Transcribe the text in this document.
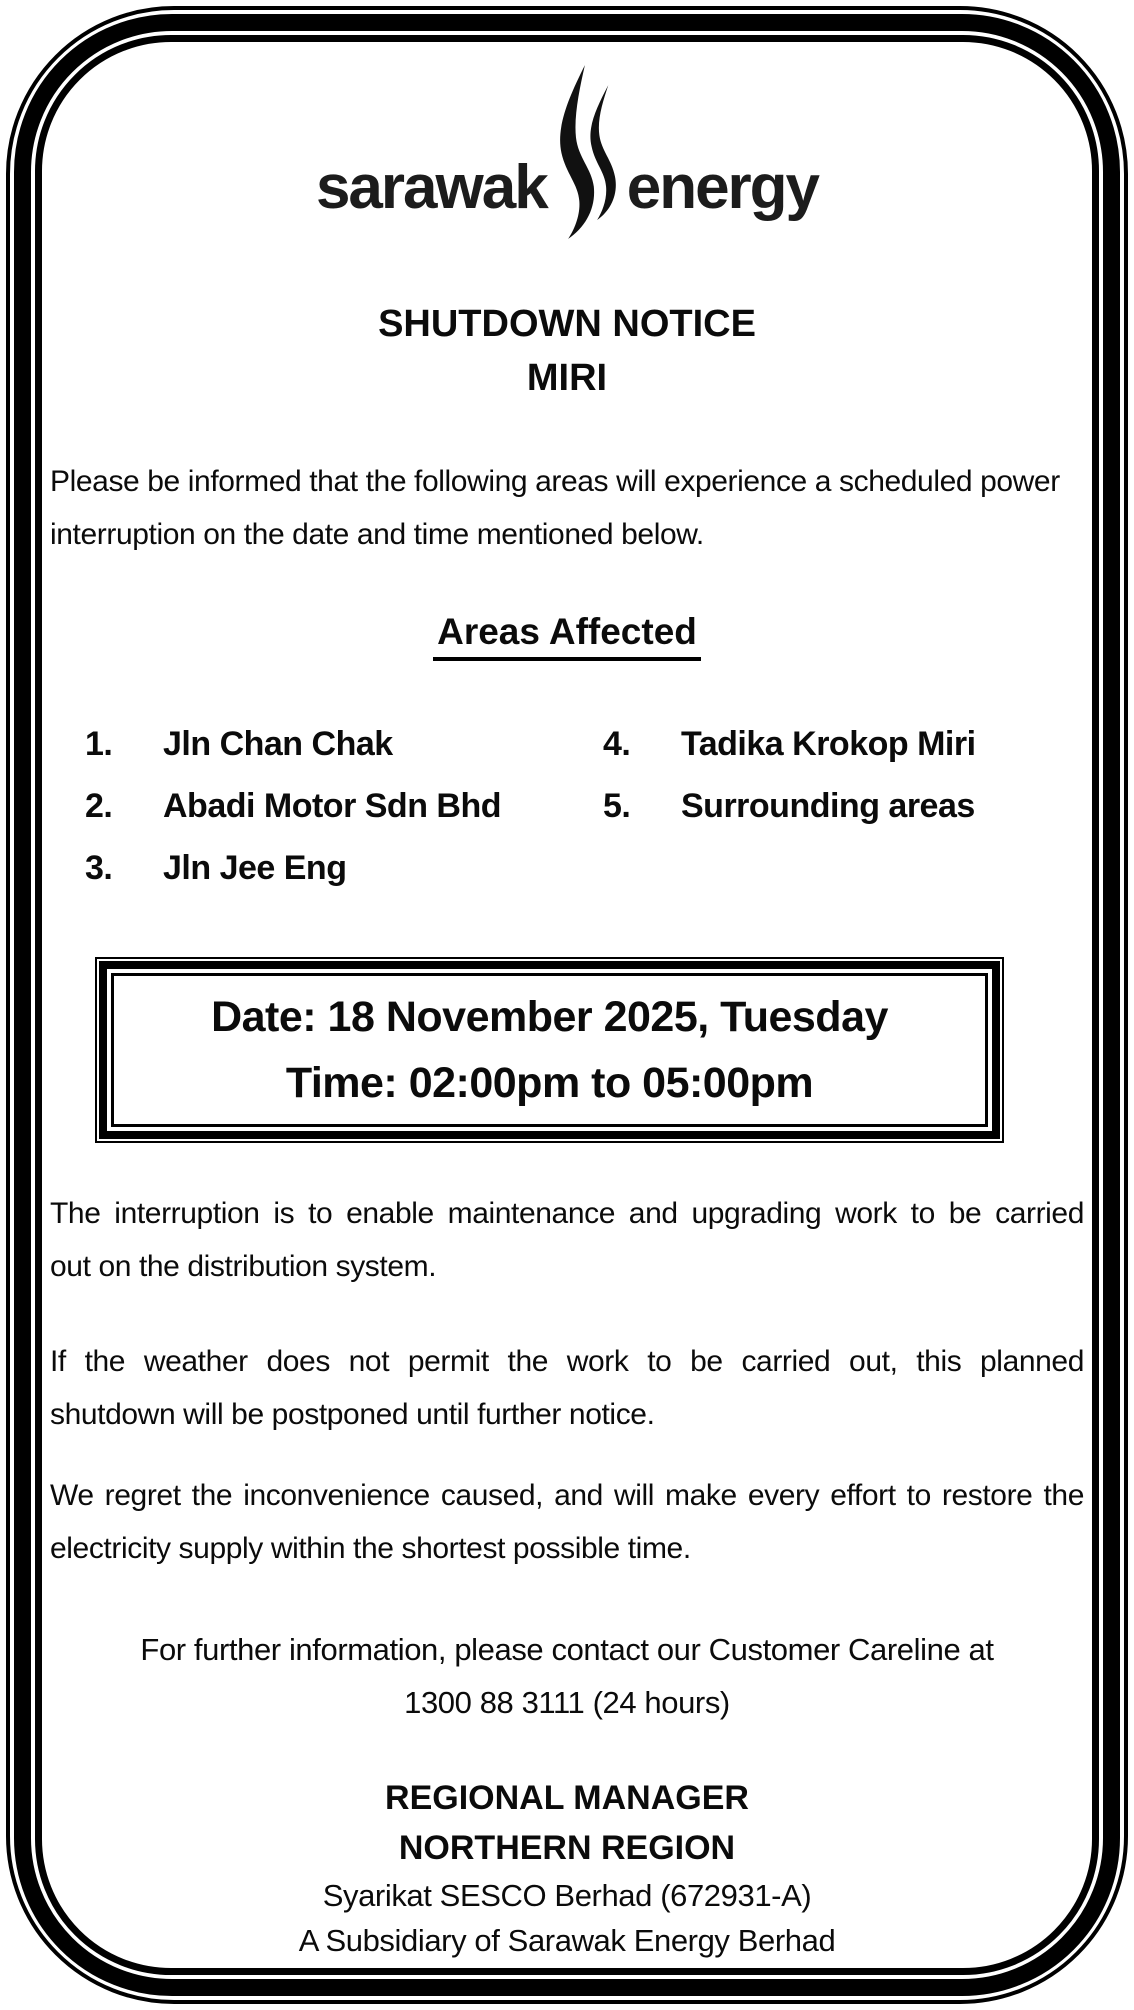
sarawak energy
SHUTDOWN NOTICE
MIRI
Please be informed that the following areas will experience a scheduled power
interruption on the date and time mentioned below.
Areas Affected
1.	Jln Chan Chak
2.	Abadi Motor Sdn Bhd
3.	Jln Jee Eng
4.	Tadika Krokop Miri
5.	Surrounding areas
Date: 18 November 2025, Tuesday
Time: 02:00pm to 05:00pm
The interruption is to enable maintenance and upgrading work to be carried
out on the distribution system.
If the weather does not permit the work to be carried out, this planned
shutdown will be postponed until further notice.
We regret the inconvenience caused, and will make every effort to restore the
electricity supply within the shortest possible time.
For further information, please contact our Customer Careline at
1300 88 3111 (24 hours)
REGIONAL MANAGER
NORTHERN REGION
Syarikat SESCO Berhad (672931-A)
A Subsidiary of Sarawak Energy Berhad
